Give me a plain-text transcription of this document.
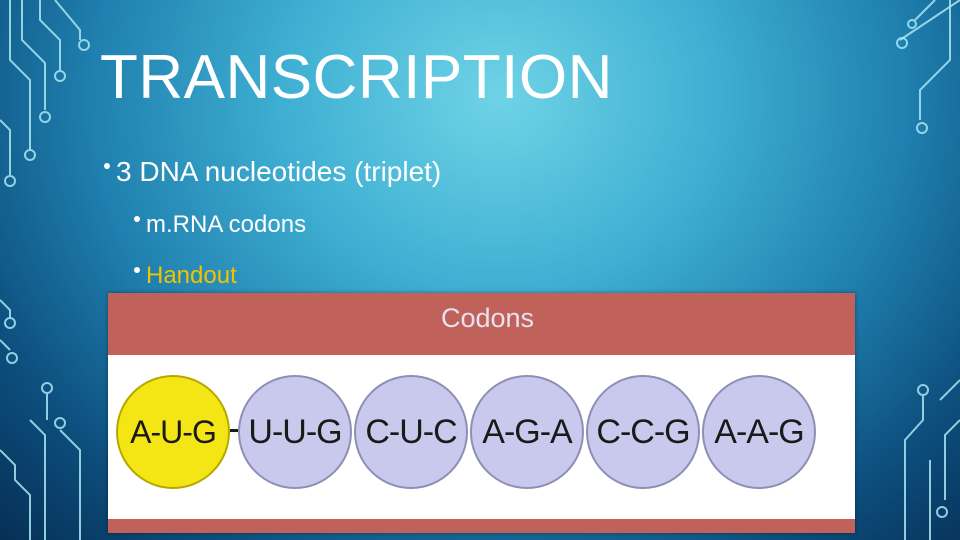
TRANSCRIPTION
3 DNA nucleotides (triplet)
m.RNA codons
Handout
Codons
A-U-G U-U-G C-U-C A-G-A C-C-G A-A-G
